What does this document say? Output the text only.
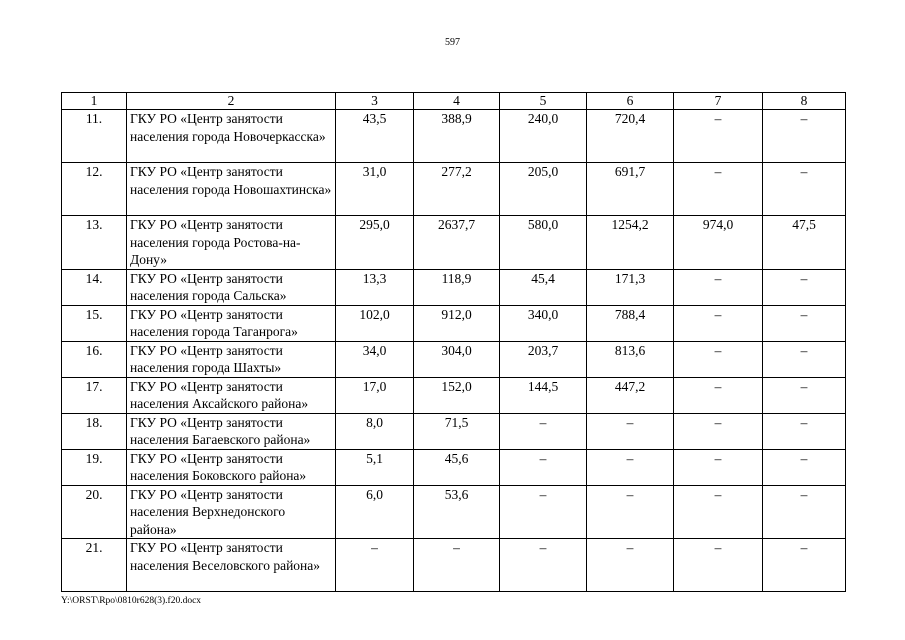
597
1	2	3	4	5	6	7	8
11.	ГКУ РО «Центр занятости населения города Новочеркасска»	43,5	388,9	240,0	720,4	–	–
12.	ГКУ РО «Центр занятости населения города Новошахтинска»	31,0	277,2	205,0	691,7	–	–
13.	ГКУ РО «Центр занятости населения города Ростова-на-Дону»	295,0	2637,7	580,0	1254,2	974,0	47,5
14.	ГКУ РО «Центр занятости населения города Сальска»	13,3	118,9	45,4	171,3	–	–
15.	ГКУ РО «Центр занятости населения города Таганрога»	102,0	912,0	340,0	788,4	–	–
16.	ГКУ РО «Центр занятости населения города Шахты»	34,0	304,0	203,7	813,6	–	–
17.	ГКУ РО «Центр занятости населения Аксайского района»	17,0	152,0	144,5	447,2	–	–
18.	ГКУ РО «Центр занятости населения Багаевского района»	8,0	71,5	–	–	–	–
19.	ГКУ РО «Центр занятости населения Боковского района»	5,1	45,6	–	–	–	–
20.	ГКУ РО «Центр занятости населения Верхнедонского района»	6,0	53,6	–	–	–	–
21.	ГКУ РО «Центр занятости населения Веселовского района»	–	–	–	–	–	–
Y:\ORST\Rpo\0810r628(3).f20.docx
